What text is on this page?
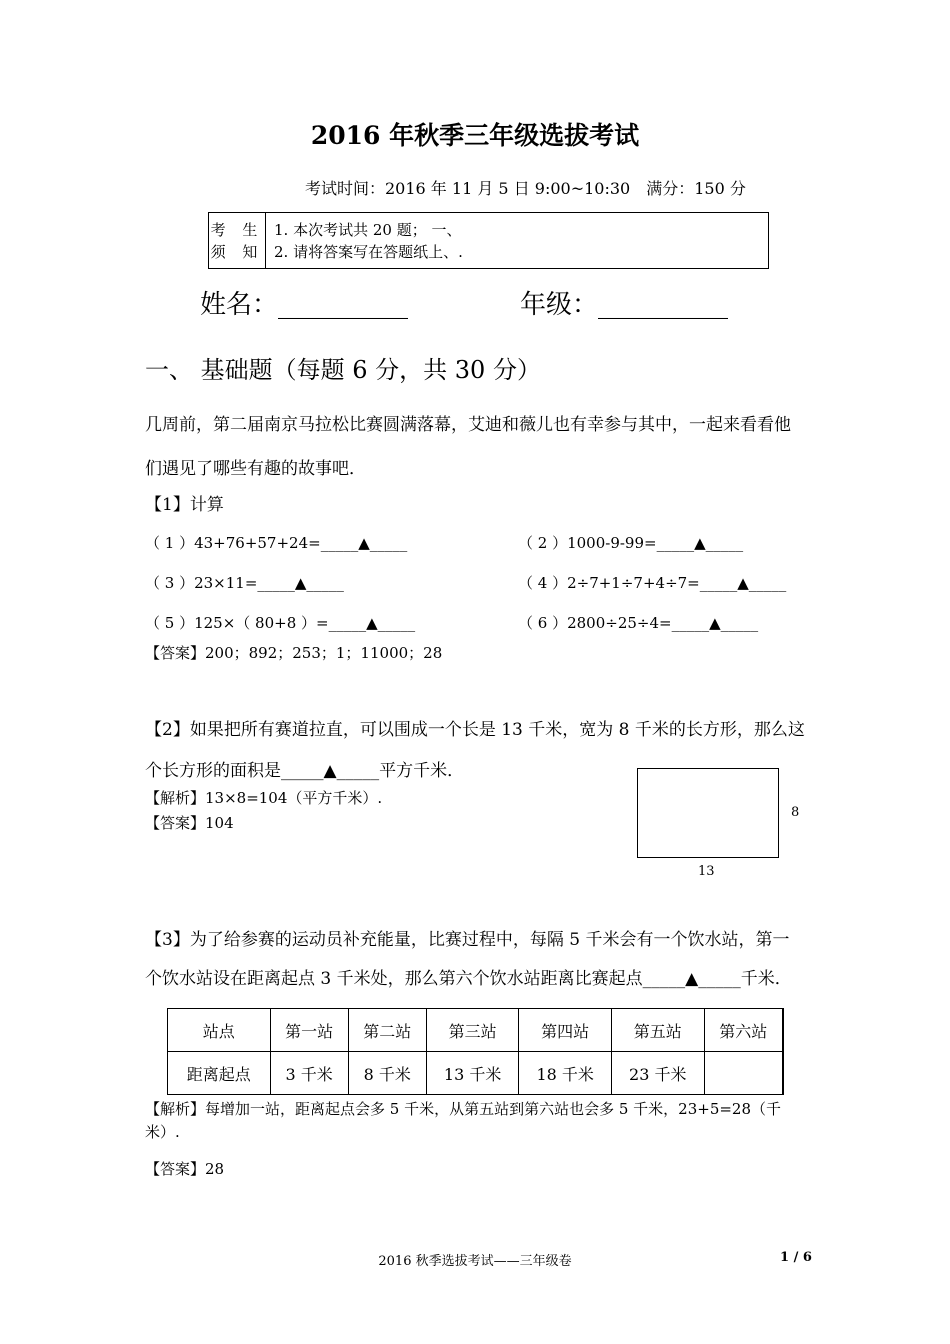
2016 年秋季三年级选拔考试
考试时间：2016 年 11 月 5 日 9:00~10:30　满分：150 分
考 生
须 知

1. 本次考试共 20 题； 一、
2. 请将答案写在答题纸上、.
姓名：__________	年级：__________
一、 基础题（每题 6 分，共 30 分）
几周前，第二届南京马拉松比赛圆满落幕，艾迪和薇儿也有幸参与其中，一起来看看他
们遇见了哪些有趣的故事吧．
【1】计算
（ 1 ）43+76+57+24=_____▲_____	（ 2 ）1000-9-99=_____▲_____
（ 3 ）23×11=_____▲_____	（ 4 ）2÷7+1÷7+4÷7=_____▲_____
（ 5 ）125×（ 80+8 ）=_____▲_____	（ 6 ）2800÷25÷4=_____▲_____
【答案】200；892；253；1；11000；28
【2】如果把所有赛道拉直，可以围成一个长是 13 千米，宽为 8 千米的长方形，那么这
个长方形的面积是_____▲_____平方千米．
【解析】13×8=104（平方千米）.
【答案】104
8
13
【3】为了给参赛的运动员补充能量，比赛过程中，每隔 5 千米会有一个饮水站，第一
个饮水站设在距离起点 3 千米处，那么第六个饮水站距离比赛起点_____▲_____千米．
站点	第一站	第二站	第三站	第四站	第五站	第六站
距离起点	3 千米	8 千米	13 千米	18 千米	23 千米	
【解析】每增加一站，距离起点会多 5 千米，从第五站到第六站也会多 5 千米，23+5=28（千
米）.
【答案】28
2016 秋季选拔考试——三年级卷	1 / 6
